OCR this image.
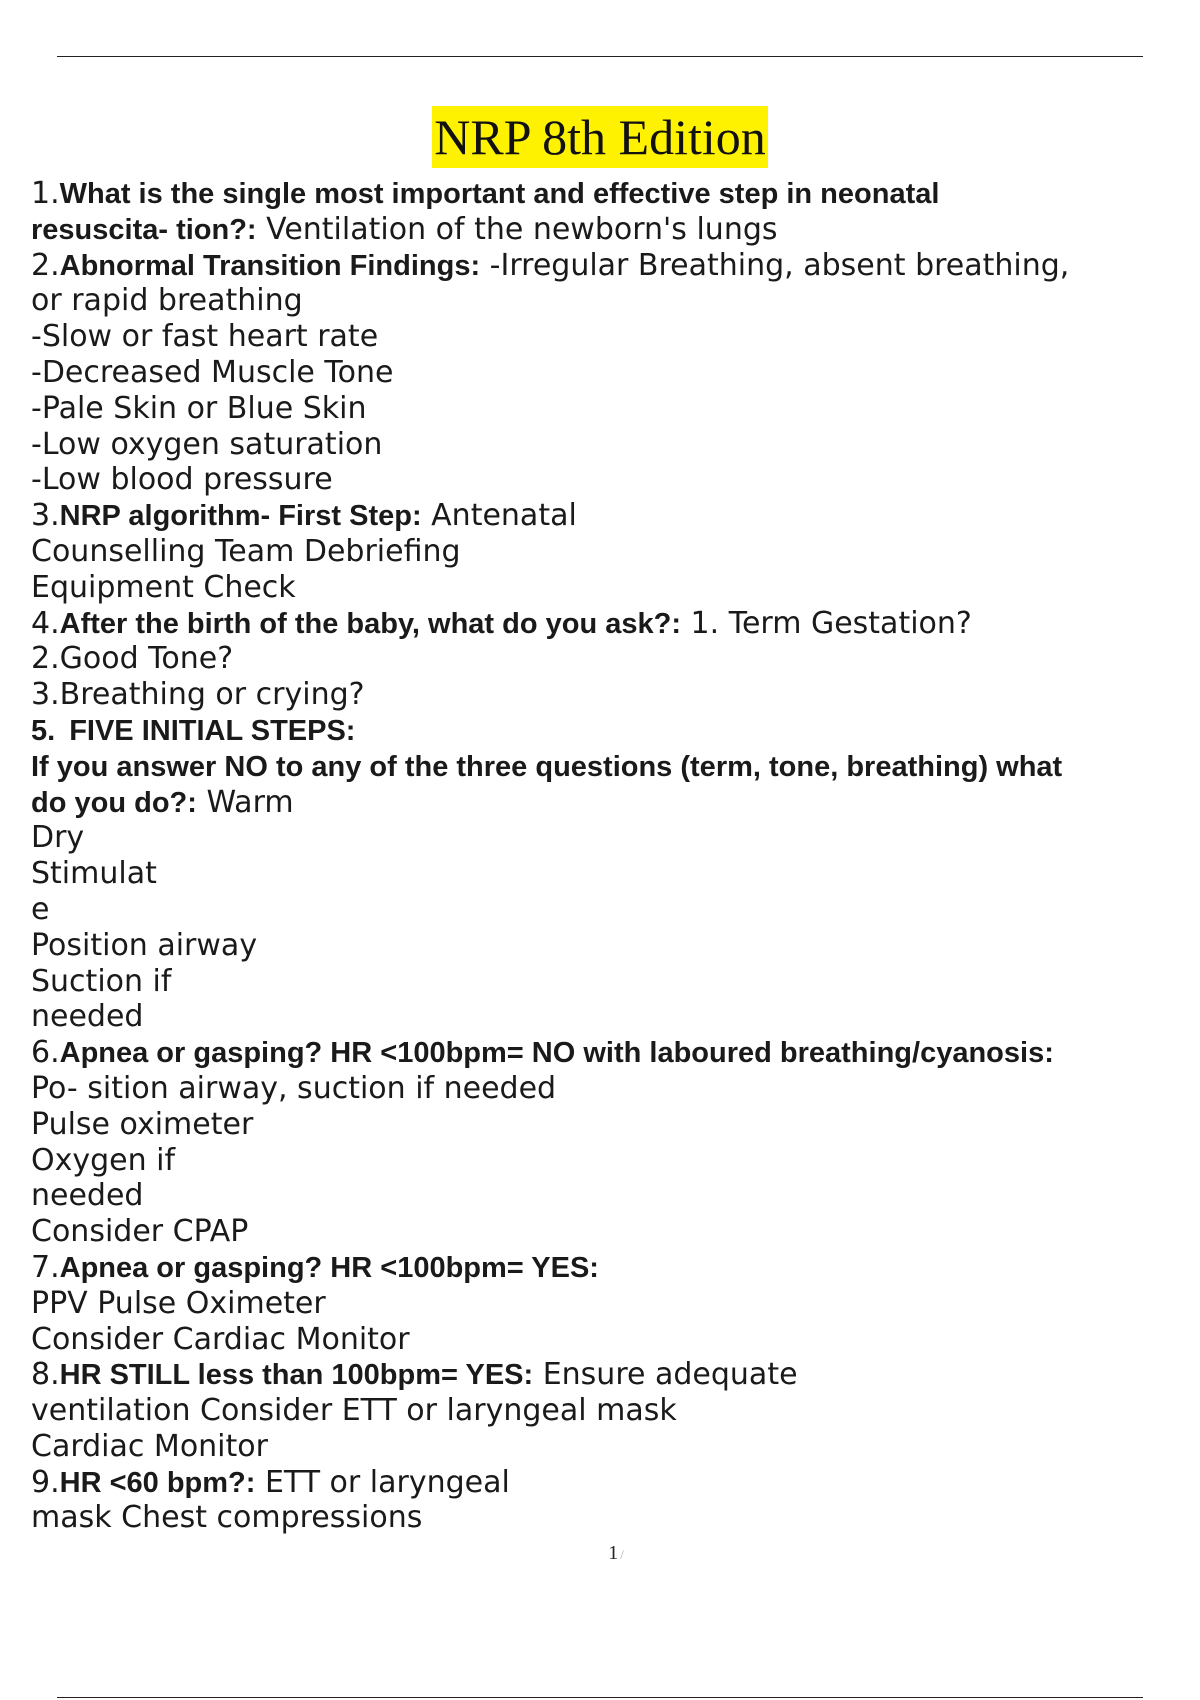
NRP 8th Edition
1.What is the single most important and effective step in neonatal
resuscita- tion?: Ventilation of the newborn's lungs
2.Abnormal Transition Findings: -Irregular Breathing, absent breathing,
or rapid breathing
-Slow or fast heart rate
-Decreased Muscle Tone
-Pale Skin or Blue Skin
-Low oxygen saturation
-Low blood pressure
3.NRP algorithm- First Step: Antenatal
Counselling Team Debriefing
Equipment Check
4.After the birth of the baby, what do you ask?: 1. Term Gestation?
2.Good Tone?
3.Breathing or crying?
5. FIVE INITIAL STEPS:
If you answer NO to any of the three questions (term, tone, breathing) what
do you do?: Warm
Dry
Stimulat
e
Position airway
Suction if
needed
6.Apnea or gasping? HR <100bpm= NO with laboured breathing/cyanosis:
Po- sition airway, suction if needed
Pulse oximeter
Oxygen if
needed
Consider CPAP
7.Apnea or gasping? HR <100bpm= YES:
PPV Pulse Oximeter
Consider Cardiac Monitor
8.HR STILL less than 100bpm= YES: Ensure adequate
ventilation Consider ETT or laryngeal mask
Cardiac Monitor
9.HR <60 bpm?: ETT or laryngeal
mask Chest compressions
1 /
